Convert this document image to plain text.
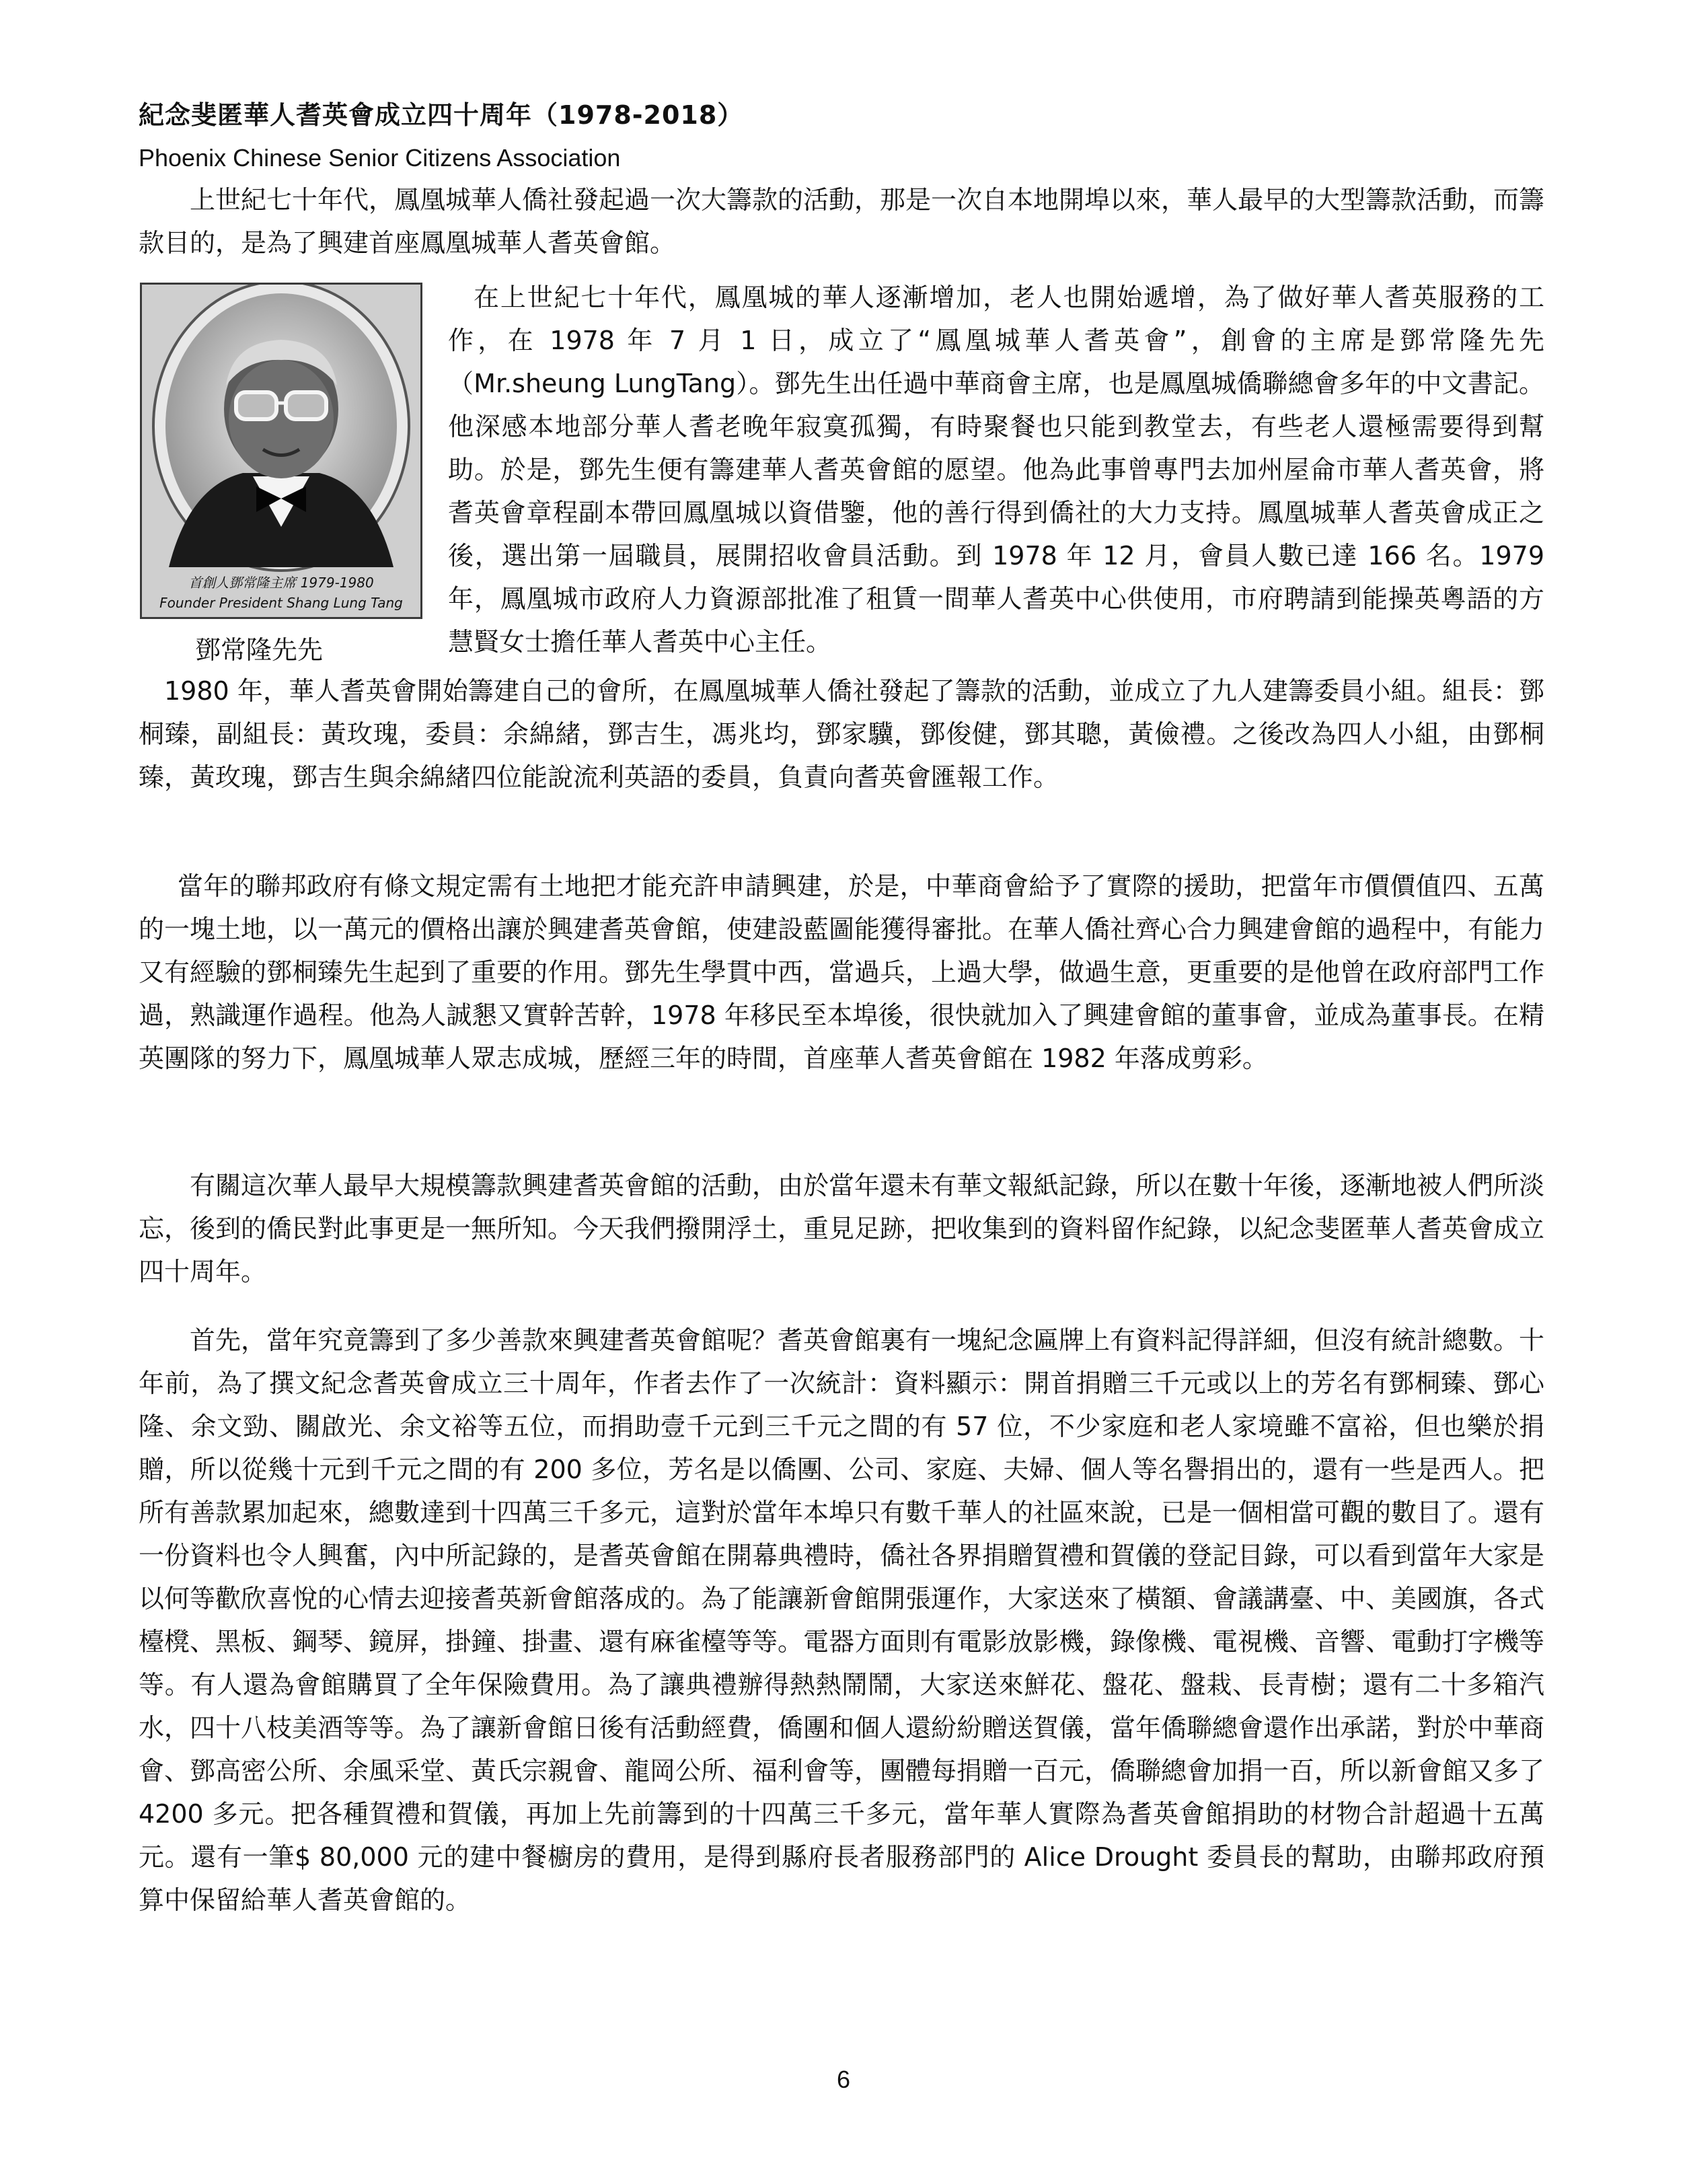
紀念斐匿華人耆英會成立四十周年（1978-2018）
Phoenix Chinese Senior Citizens Association

上世紀七十年代，鳳凰城華人僑社發起過一次大籌款的活動，那是一次自本地開埠以來，華人最早的大型籌款活動，而籌款目的，是為了興建首座鳳凰城華人耆英會館。

首創人鄧常隆主席 1979-1980
Founder President Shang Lung Tang

在上世紀七十年代，鳳凰城的華人逐漸增加，老人也開始遞增，為了做好華人耆英服務的工作，在 1978 年 7 月 1 日，成立了“鳳凰城華人耆英會”，創會的主席是鄧常隆先先（Mr.sheung LungTang）。鄧先生出任過中華商會主席，也是鳳凰城僑聯總會多年的中文書記。他深感本地部分華人耆老晚年寂寞孤獨，有時聚餐也只能到教堂去，有些老人還極需要得到幫助。於是，鄧先生便有籌建華人耆英會館的愿望。他為此事曾專門去加州屋侖市華人耆英會，將耆英會章程副本帶回鳳凰城以資借鑒，他的善行得到僑社的大力支持。鳳凰城華人耆英會成正之後，選出第一屆職員，展開招收會員活動。到 1978 年 12 月，會員人數已達 166 名。1979 年，鳳凰城市政府人力資源部批准了租賃一間華人耆英中心供使用，市府聘請到能操英粵語的方慧賢女士擔任華人耆英中心主任。

鄧常隆先先

1980 年，華人耆英會開始籌建自己的會所，在鳳凰城華人僑社發起了籌款的活動，並成立了九人建籌委員小組。組長：鄧桐臻，副組長：黃玫瑰，委員：余綿緒，鄧吉生，馮兆均，鄧家驥，鄧俊健，鄧其聰，黃儉禮。之後改為四人小組，由鄧桐臻，黃玫瑰，鄧吉生與余綿緒四位能說流利英語的委員，負責向耆英會匯報工作。

當年的聯邦政府有條文規定需有土地把才能充許申請興建，於是，中華商會給予了實際的援助，把當年市價價值四、五萬的一塊土地，以一萬元的價格出讓於興建耆英會館，使建設藍圖能獲得審批。在華人僑社齊心合力興建會館的過程中，有能力又有經驗的鄧桐臻先生起到了重要的作用。鄧先生學貫中西，當過兵，上過大學，做過生意，更重要的是他曾在政府部門工作過，熟識運作過程。他為人誠懇又實幹苦幹，1978 年移民至本埠後，很快就加入了興建會館的董事會，並成為董事長。在精英團隊的努力下，鳳凰城華人眾志成城，歷經三年的時間，首座華人耆英會館在 1982 年落成剪彩。

有關這次華人最早大規模籌款興建耆英會館的活動，由於當年還未有華文報紙記錄，所以在數十年後，逐漸地被人們所淡忘，後到的僑民對此事更是一無所知。今天我們撥開浮土，重見足跡，把收集到的資料留作紀錄，以紀念斐匿華人耆英會成立四十周年。

首先，當年究竟籌到了多少善款來興建耆英會館呢？耆英會館裏有一塊紀念匾牌上有資料記得詳細，但沒有統計總數。十年前，為了撰文紀念耆英會成立三十周年，作者去作了一次統計：資料顯示：開首捐贈三千元或以上的芳名有鄧桐臻、鄧心隆、余文勁、關啟光、余文裕等五位，而捐助壹千元到三千元之間的有 57 位，不少家庭和老人家境雖不富裕，但也樂於捐贈，所以從幾十元到千元之間的有 200 多位，芳名是以僑團、公司、家庭、夫婦、個人等名譽捐出的，還有一些是西人。把所有善款累加起來，總數達到十四萬三千多元，這對於當年本埠只有數千華人的社區來說，已是一個相當可觀的數目了。還有一份資料也令人興奮，內中所記錄的，是耆英會館在開幕典禮時，僑社各界捐贈賀禮和賀儀的登記目錄，可以看到當年大家是以何等歡欣喜悅的心情去迎接耆英新會館落成的。為了能讓新會館開張運作，大家送來了橫額、會議講臺、中、美國旗，各式檯櫈、黑板、鋼琴、鏡屏，掛鐘、掛畫、還有麻雀檯等等。電器方面則有電影放影機，錄像機、電視機、音響、電動打字機等等。有人還為會館購買了全年保險費用。為了讓典禮辦得熱熱鬧鬧，大家送來鮮花、盤花、盤栽、長青樹；還有二十多箱汽水，四十八枝美酒等等。為了讓新會館日後有活動經費，僑團和個人還紛紛贈送賀儀，當年僑聯總會還作出承諾，對於中華商會、鄧高密公所、余風采堂、黃氏宗親會、龍岡公所、福利會等，團體每捐贈一百元，僑聯總會加捐一百，所以新會館又多了 4200 多元。把各種賀禮和賀儀，再加上先前籌到的十四萬三千多元，當年華人實際為耆英會館捐助的材物合計超過十五萬元。還有一筆$ 80,000 元的建中餐櫥房的費用，是得到縣府長者服務部門的 Alice Drought 委員長的幫助，由聯邦政府預算中保留給華人耆英會館的。

6
